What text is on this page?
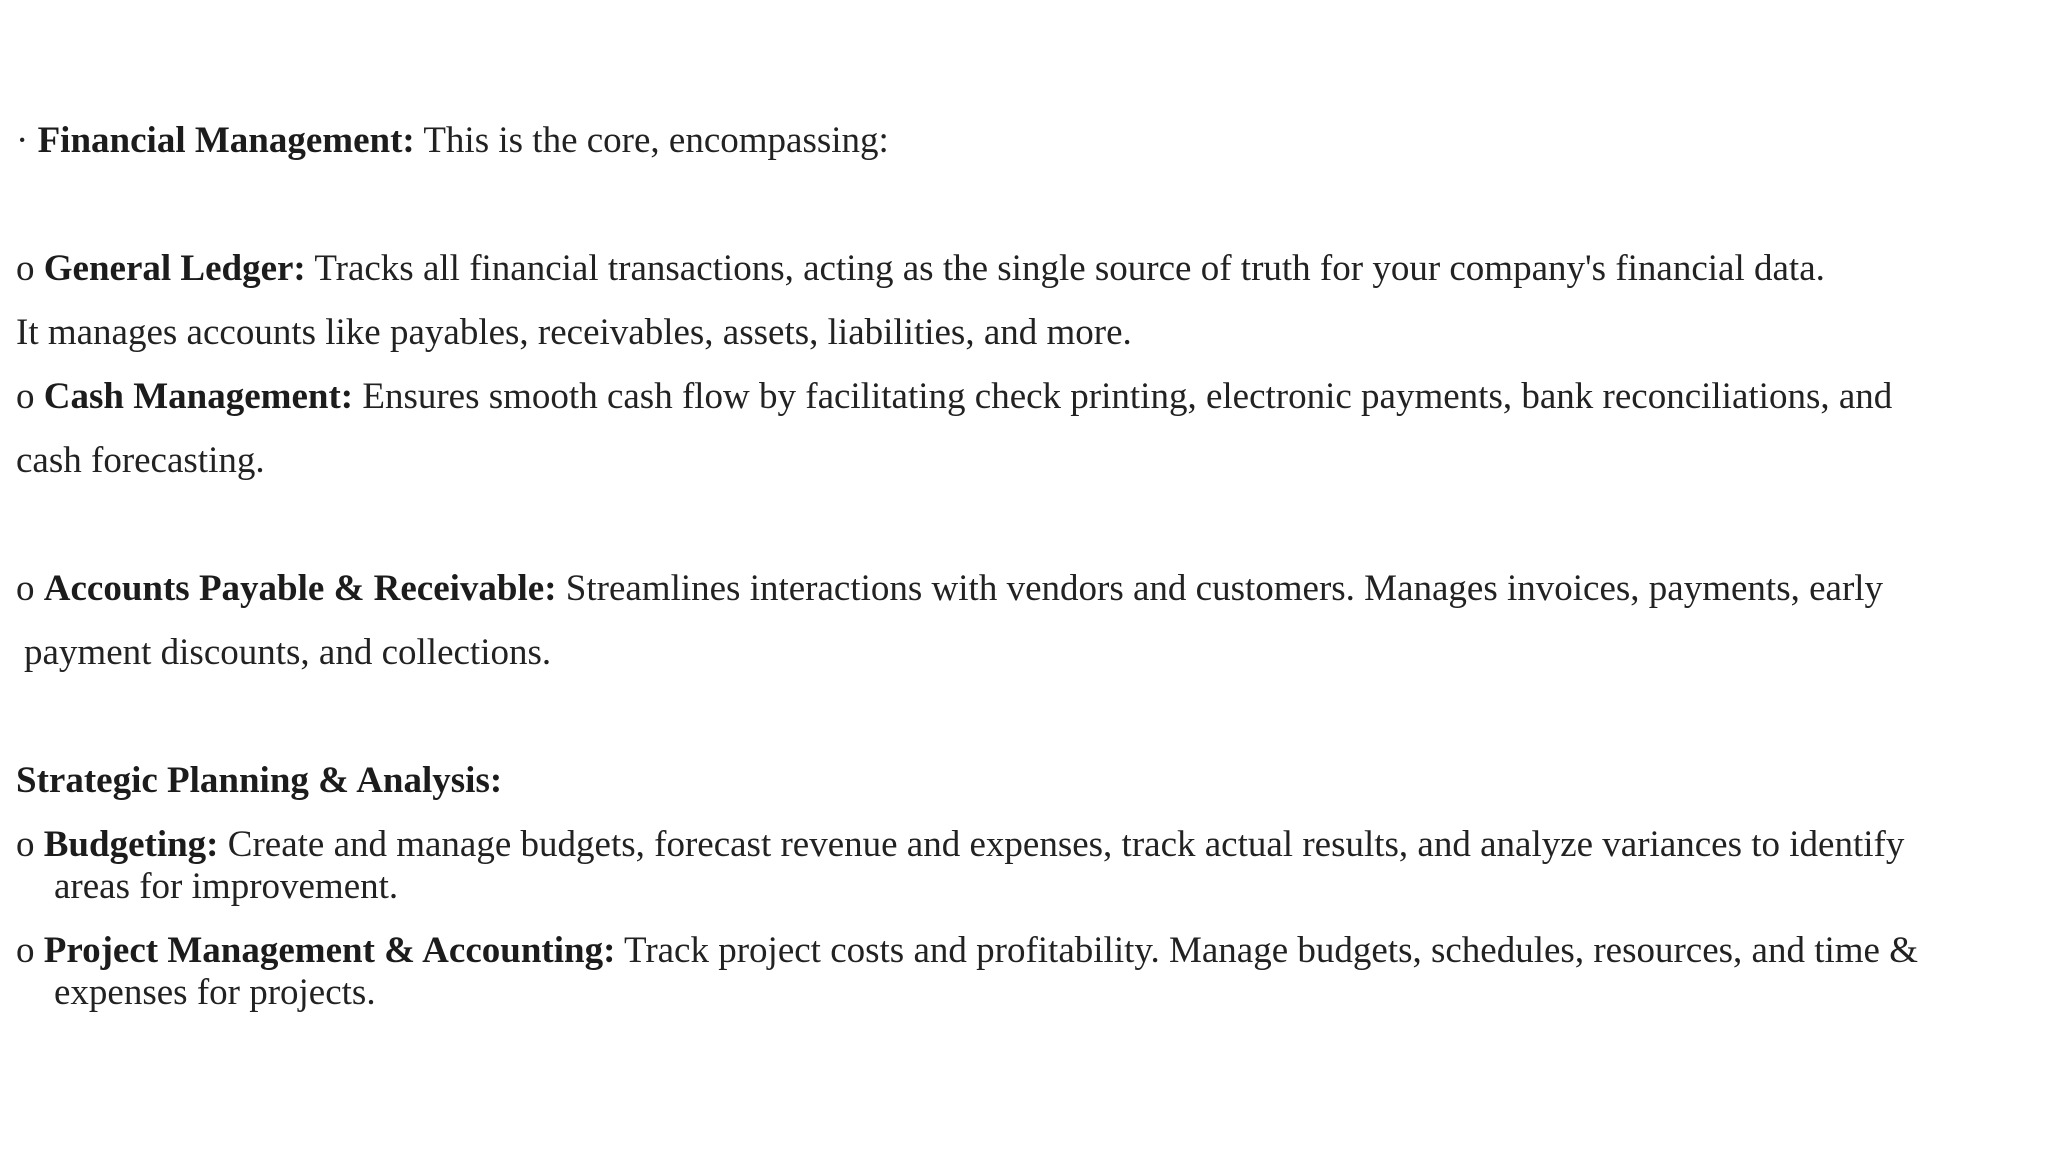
· Financial Management: This is the core, encompassing:
o General Ledger: Tracks all financial transactions, acting as the single source of truth for your company's financial data.
It manages accounts like payables, receivables, assets, liabilities, and more.
o Cash Management: Ensures smooth cash flow by facilitating check printing, electronic payments, bank reconciliations, and
cash forecasting.
o Accounts Payable & Receivable: Streamlines interactions with vendors and customers. Manages invoices, payments, early
payment discounts, and collections.
Strategic Planning & Analysis:
o Budgeting: Create and manage budgets, forecast revenue and expenses, track actual results, and analyze variances to identify
areas for improvement.
o Project Management & Accounting: Track project costs and profitability. Manage budgets, schedules, resources, and time &
expenses for projects.
